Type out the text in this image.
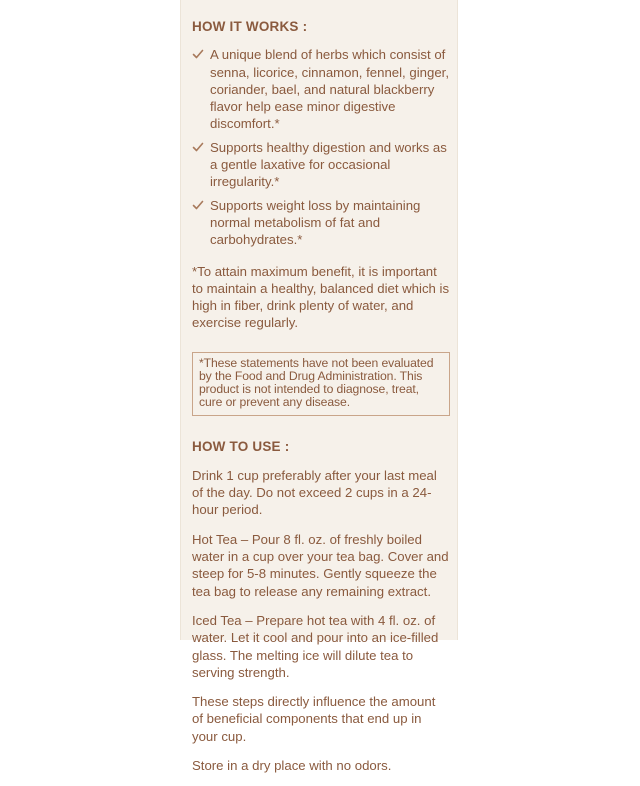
HOW IT WORKS :
A unique blend of herbs which consist of senna, licorice, cinnamon, fennel, ginger, coriander, bael, and natural blackberry flavor help ease minor digestive discomfort.*
Supports healthy digestion and works as a gentle laxative for occasional irregularity.*
Supports weight loss by maintaining normal metabolism of fat and carbohydrates.*

*To attain maximum benefit, it is important to maintain a healthy, balanced diet which is high in fiber, drink plenty of water, and exercise regularly.

*These statements have not been evaluated by the Food and Drug Administration. This product is not intended to diagnose, treat, cure or prevent any disease.
HOW TO USE :

Drink 1 cup preferably after your last meal of the day. Do not exceed 2 cups in a 24-hour period.

Hot Tea – Pour 8 fl. oz. of freshly boiled water in a cup over your tea bag. Cover and steep for 5-8 minutes. Gently squeeze the tea bag to release any remaining extract.

Iced Tea – Prepare hot tea with 4 fl. oz. of water. Let it cool and pour into an ice-filled glass. The melting ice will dilute tea to serving strength.

These steps directly influence the amount of beneficial components that end up in your cup.

Store in a dry place with no odors.
